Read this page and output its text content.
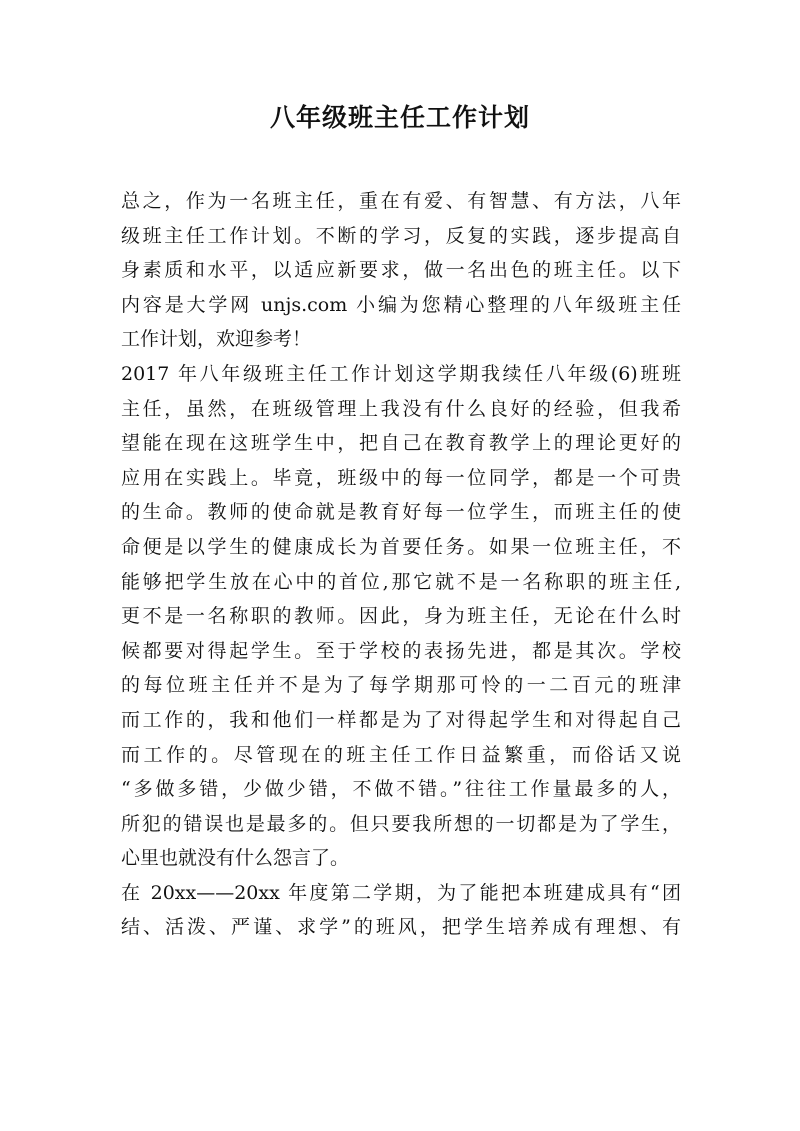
八年级班主任工作计划
总之，作为一名班主任，重在有爱、有智慧、有方法，八年
级班主任工作计划。不断的学习，反复的实践，逐步提高自
身素质和水平，以适应新要求，做一名出色的班主任。以下
内容是大学网 unjs.com 小编为您精心整理的八年级班主任
工作计划，欢迎参考！
2017 年八年级班主任工作计划这学期我续任八年级(6)班班
主任，虽然，在班级管理上我没有什么良好的经验，但我希
望能在现在这班学生中，把自己在教育教学上的理论更好的
应用在实践上。毕竟，班级中的每一位同学，都是一个可贵
的生命。教师的使命就是教育好每一位学生，而班主任的使
命便是以学生的健康成长为首要任务。如果一位班主任，不
能够把学生放在心中的首位,那它就不是一名称职的班主任,
更不是一名称职的教师。因此，身为班主任，无论在什么时
候都要对得起学生。至于学校的表扬先进，都是其次。学校
的每位班主任并不是为了每学期那可怜的一二百元的班津
而工作的，我和他们一样都是为了对得起学生和对得起自己
而工作的。尽管现在的班主任工作日益繁重，而俗话又说
“多做多错，少做少错，不做不错。”往往工作量最多的人，
所犯的错误也是最多的。但只要我所想的一切都是为了学生，
心里也就没有什么怨言了。
在 20xx——20xx 年度第二学期，为了能把本班建成具有“团
结、活泼、严谨、求学”的班风，把学生培养成有理想、有
